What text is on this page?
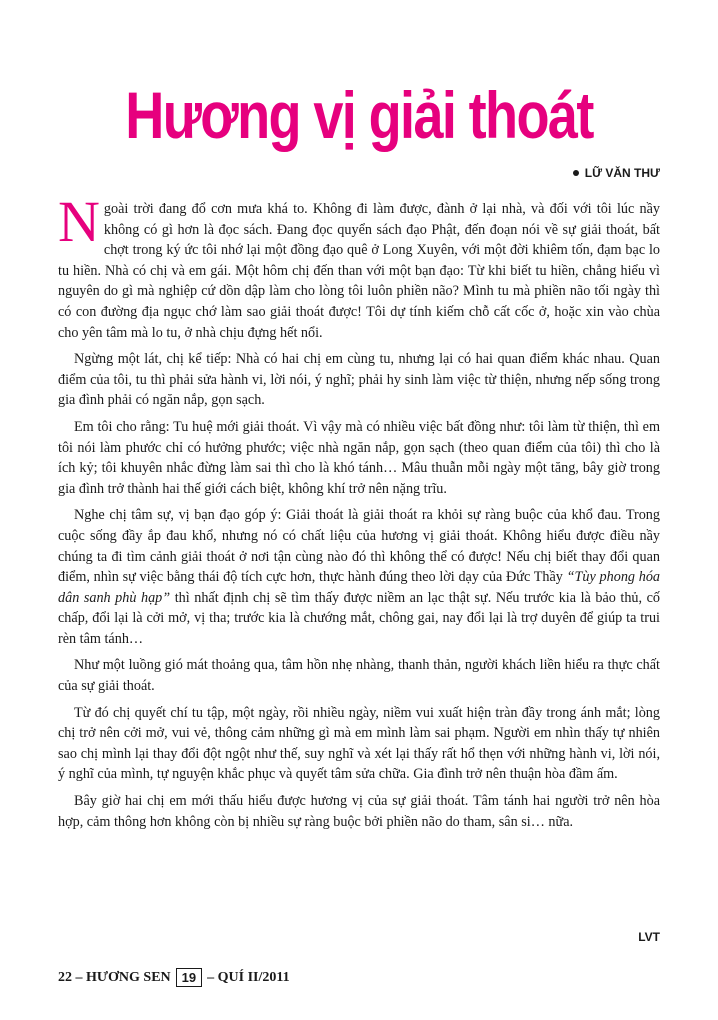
Hương vị giải thoát
LỮ VĂN THƯ

Ngoài trời đang đổ cơn mưa khá to. Không đi làm được, đành ở lại nhà, và đối với tôi lúc nầy không có gì hơn là đọc sách. Đang đọc quyển sách đạo Phật, đến đoạn nói về sự giải thoát, bất chợt trong ký ức tôi nhớ lại một đồng đạo quê ở Long Xuyên, với một đời khiêm tốn, đạm bạc lo tu hiền. Nhà có chị và em gái. Một hôm chị đến than với một bạn đạo: Từ khi biết tu hiền, chẳng hiểu vì nguyên do gì mà nghiệp cứ dồn dập làm cho lòng tôi luôn phiền não? Mình tu mà phiền não tối ngày thì có con đường địa ngục chớ làm sao giải thoát được! Tôi dự tính kiếm chỗ cất cốc ở, hoặc xin vào chùa cho yên tâm mà lo tu, ở nhà chịu đựng hết nổi.

Ngừng một lát, chị kể tiếp: Nhà có hai chị em cùng tu, nhưng lại có hai quan điểm khác nhau. Quan điểm của tôi, tu thì phải sửa hành vi, lời nói, ý nghĩ; phải hy sinh làm việc từ thiện, nhưng nếp sống trong gia đình phải có ngăn nắp, gọn sạch.

Em tôi cho rằng: Tu huệ mới giải thoát. Vì vậy mà có nhiều việc bất đồng như: tôi làm từ thiện, thì em tôi nói làm phước chỉ có hưởng phước; việc nhà ngăn nắp, gọn sạch (theo quan điểm của tôi) thì cho là ích kỷ; tôi khuyên nhắc đừng làm sai thì cho là khó tánh… Mâu thuẫn mỗi ngày một tăng, bây giờ trong gia đình trở thành hai thế giới cách biệt, không khí trở nên nặng trĩu.

Nghe chị tâm sự, vị bạn đạo góp ý: Giải thoát là giải thoát ra khỏi sự ràng buộc của khổ đau. Trong cuộc sống đầy ắp đau khổ, nhưng nó có chất liệu của hương vị giải thoát. Không hiểu được điều nầy chúng ta đi tìm cảnh giải thoát ở nơi tận cùng nào đó thì không thể có được! Nếu chị biết thay đổi quan điểm, nhìn sự việc bằng thái độ tích cực hơn, thực hành đúng theo lời dạy của Đức Thầy “Tùy phong hóa dân sanh phù hạp” thì nhất định chị sẽ tìm thấy được niềm an lạc thật sự. Nếu trước kia là bảo thủ, cố chấp, đổi lại là cởi mở, vị tha; trước kia là chướng mắt, chông gai, nay đổi lại là trợ duyên để giúp ta trui rèn tâm tánh…

Như một luồng gió mát thoảng qua, tâm hồn nhẹ nhàng, thanh thản, người khách liền hiểu ra thực chất của sự giải thoát.

Từ đó chị quyết chí tu tập, một ngày, rồi nhiều ngày, niềm vui xuất hiện tràn đầy trong ánh mắt; lòng chị trở nên cởi mở, vui vẻ, thông cảm những gì mà em mình làm sai phạm. Người em nhìn thấy tự nhiên sao chị mình lại thay đổi đột ngột như thế, suy nghĩ và xét lại thấy rất hổ thẹn với những hành vi, lời nói, ý nghĩ của mình, tự nguyện khắc phục và quyết tâm sửa chữa. Gia đình trở nên thuận hòa đầm ấm.

Bây giờ hai chị em mới thấu hiểu được hương vị của sự giải thoát. Tâm tánh hai người trở nên hòa hợp, cảm thông hơn không còn bị nhiều sự ràng buộc bởi phiền não do tham, sân si… nữa.

LVT
22 – HƯƠNG SEN 19 – QUÍ II/2011
